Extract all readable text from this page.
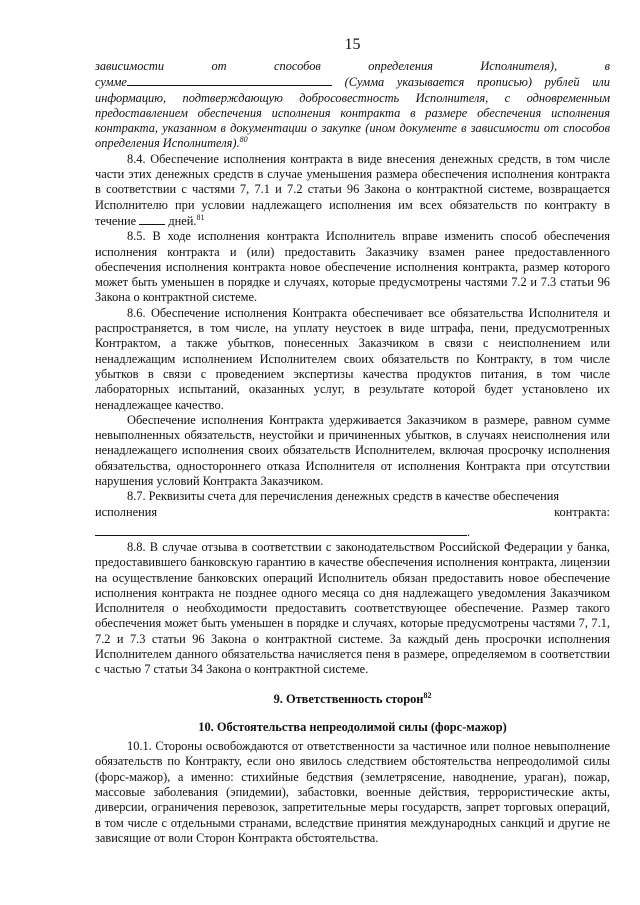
15
зависимости	от	способов	определения	Исполнителя),	в

сумме	(Сумма указывается прописью) рублей или информацию, подтверждающую добросовестность Исполнителя, с одновременным предоставлением обеспечения исполнения контракта в размере обеспечения исполнения контракта, указанном в документации о закупке (ином документе в зависимости от способов определения Исполнителя).$^{80}$

8.4. Обеспечение исполнения контракта в виде внесения денежных средств, в том числе части этих денежных средств в случае уменьшения размера обеспечения исполнения контракта в соответствии с частями 7, 7.1 и 7.2 статьи 96 Закона о контрактной системе, возвращается Исполнителю при условии надлежащего исполнения им всех обязательств по контракту в течение	дней.$^{81}$

8.5. В ходе исполнения контракта Исполнитель вправе изменить способ обеспечения исполнения контракта и (или) предоставить Заказчику взамен ранее предоставленного обеспечения исполнения контракта новое обеспечение исполнения контракта, размер которого может быть уменьшен в порядке и случаях, которые предусмотрены частями 7.2 и 7.3 статьи 96 Закона о контрактной системе.

8.6. Обеспечение исполнения Контракта обеспечивает все обязательства Исполнителя и распространяется, в том числе, на уплату неустоек в виде штрафа, пени, предусмотренных Контрактом, а также убытков, понесенных Заказчиком в связи с неисполнением или ненадлежащим исполнением Исполнителем своих обязательств по Контракту, в том числе убытков в связи с проведением экспертизы качества продуктов питания, в том числе лабораторных испытаний, оказанных услуг, в результате которой будет установлено их ненадлежащее качество.

Обеспечение исполнения Контракта удерживается Заказчиком в размере, равном сумме невыполненных обязательств, неустойки и причиненных убытков, в случаях неисполнения или ненадлежащего исполнения своих обязательств Исполнителем, включая просрочку исполнения обязательства, одностороннего отказа Исполнителя от исполнения Контракта при отсутствии нарушения условий Контракта Заказчиком.

8.7. Реквизиты счета для перечисления денежных средств в качестве обеспечения

исполнения	контракта:
.

8.8. В случае отзыва в соответствии с законодательством Российской Федерации у банка, предоставившего банковскую гарантию в качестве обеспечения исполнения контракта, лицензии на осуществление банковских операций Исполнитель обязан предоставить новое обеспечение исполнения контракта не позднее одного месяца со дня надлежащего уведомления Заказчиком Исполнителя о необходимости предоставить соответствующее обеспечение. Размер такого обеспечения может быть уменьшен в порядке и случаях, которые предусмотрены частями 7, 7.1, 7.2 и 7.3 статьи 96 Закона о контрактной системе. За каждый день просрочки исполнения Исполнителем данного обязательства начисляется пеня в размере, определяемом в соответствии с частью 7 статьи 34 Закона о контрактной системе.

9. Ответственность сторон$^{82}$

10. Обстоятельства непреодолимой силы (форс-мажор)

10.1. Стороны освобождаются от ответственности за частичное или полное невыполнение обязательств по Контракту, если оно явилось следствием обстоятельства непреодолимой силы (форс-мажор), а именно: стихийные бедствия (землетрясение, наводнение, ураган), пожар, массовые заболевания (эпидемии), забастовки, военные действия, террористические акты, диверсии, ограничения перевозок, запретительные меры государств, запрет торговых операций, в том числе с отдельными странами, вследствие принятия международных санкций и другие не зависящие от воли Сторон Контракта обстоятельства.
